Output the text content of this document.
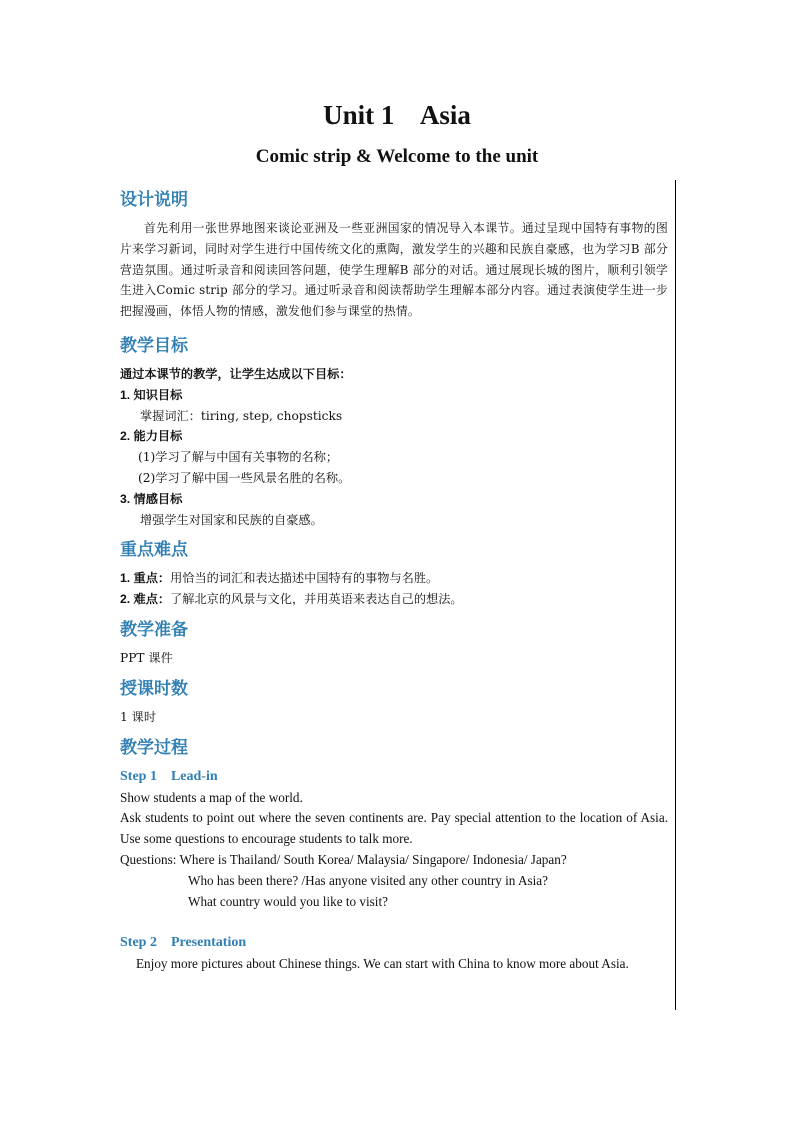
Unit 1    Asia
Comic strip & Welcome to the unit
设计说明

首先利用一张世界地图来谈论亚洲及一些亚洲国家的情况导入本课节。通过呈现中国特有事物的图片来学习新词，同时对学生进行中国传统文化的熏陶，激发学生的兴趣和民族自豪感，也为学习B 部分营造氛围。通过听录音和阅读回答问题，使学生理解B 部分的对话。通过展现长城的图片，顺利引领学生进入Comic strip 部分的学习。通过听录音和阅读帮助学生理解本部分内容。通过表演使学生进一步把握漫画，体悟人物的情感，激发他们参与课堂的热情。

教学目标

通过本课节的教学，让学生达成以下目标：

1. 知识目标

掌握词汇：tiring, step, chopsticks

2. 能力目标

(1)学习了解与中国有关事物的名称；

(2)学习了解中国一些风景名胜的名称。

3. 情感目标

增强学生对国家和民族的自豪感。

重点难点

1. 重点：用恰当的词汇和表达描述中国特有的事物与名胜。

2. 难点：了解北京的风景与文化，并用英语来表达自己的想法。

教学准备

PPT 课件

授课时数

1 课时

教学过程

Step 1    Lead-in

Show students a map of the world.

Ask students to point out where the seven continents are. Pay special attention to the location of Asia. Use some questions to encourage students to talk more.

Questions: Where is Thailand/ South Korea/ Malaysia/ Singapore/ Indonesia/ Japan?

Who has been there? /Has anyone visited any other country in Asia?

What country would you like to visit?

Step 2    Presentation

Enjoy more pictures about Chinese things. We can start with China to know more about Asia.
